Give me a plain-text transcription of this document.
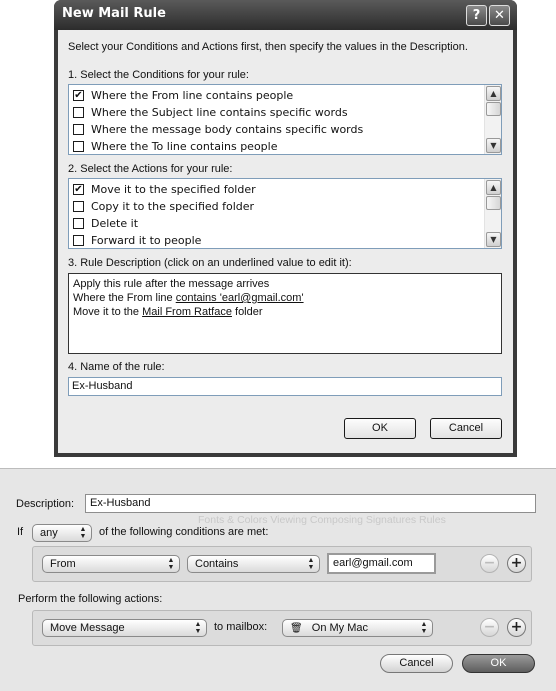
New Mail Rule	?	✕
Select your Conditions and Actions first, then specify the values in the Description.
1. Select the Conditions for your rule:
✔ Where the From line contains people
Where the Subject line contains specific words
Where the message body contains specific words
Where the To line contains people
▲
▼
2. Select the Actions for your rule:
✔ Move it to the specified folder
Copy it to the specified folder
Delete it
Forward it to people
▲
▼
3. Rule Description (click on an underlined value to edit it):
Apply this rule after the message arrives
Where the From line contains 'earl@gmail.com'
Move it to the Mail From Ratface folder
4. Name of the rule:
Ex-Husband
OK	Cancel
Fonts & Colors Viewing Composing Signatures Rules
Description:	Ex-Husband
If	any	▲
▼ of the following conditions are met:
From	▲
▼	Contains	▲
▼	earl@gmail.com	− +
Perform the following actions:
Move Message	▲
▼ to mailbox:	🗑 On My Mac	▲
▼	− +
Cancel	OK
